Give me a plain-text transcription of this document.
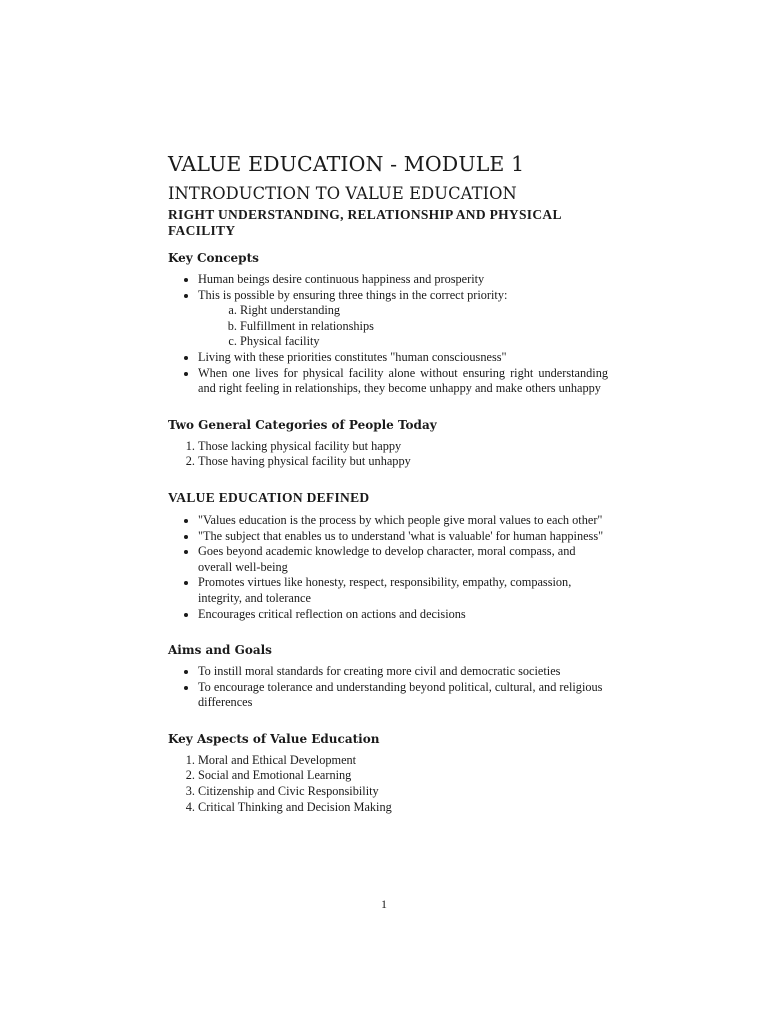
VALUE EDUCATION - MODULE 1
INTRODUCTION TO VALUE EDUCATION
RIGHT UNDERSTANDING, RELATIONSHIP AND PHYSICAL FACILITY
Key Concepts
• Human beings desire continuous happiness and prosperity
• This is possible by ensuring three things in the correct priority:
a. Right understanding
b. Fulfillment in relationships
c. Physical facility
• Living with these priorities constitutes "human consciousness"
• When one lives for physical facility alone without ensuring right understanding and right feeling in relationships, they become unhappy and make others unhappy
Two General Categories of People Today
1. Those lacking physical facility but happy
2. Those having physical facility but unhappy
VALUE EDUCATION DEFINED
• "Values education is the process by which people give moral values to each other"
• "The subject that enables us to understand 'what is valuable' for human happiness"
• Goes beyond academic knowledge to develop character, moral compass, and overall well-being
• Promotes virtues like honesty, respect, responsibility, empathy, compassion, integrity, and tolerance
• Encourages critical reflection on actions and decisions
Aims and Goals
• To instill moral standards for creating more civil and democratic societies
• To encourage tolerance and understanding beyond political, cultural, and religious differences
Key Aspects of Value Education
1. Moral and Ethical Development
2. Social and Emotional Learning
3. Citizenship and Civic Responsibility
4. Critical Thinking and Decision Making
1
